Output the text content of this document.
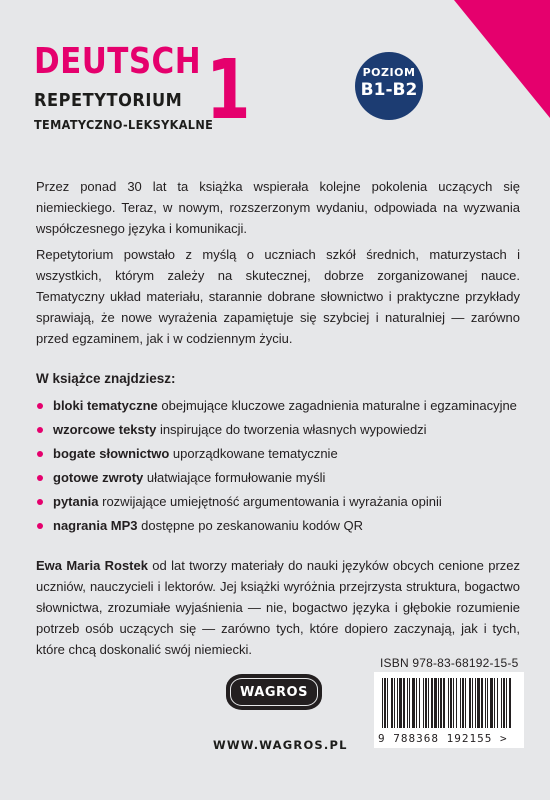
DEUTSCH 1
REPETYTORIUM
TEMATYCZNO-LEKSYKALNE
POZIOM
B1-B2

Przez ponad 30 lat ta książka wspierała kolejne pokolenia uczących się niemieckiego. Teraz, w nowym, rozszerzonym wydaniu, odpowiada na wyzwania współczesnego języka i komunikacji.

Repetytorium powstało z myślą o uczniach szkół średnich, maturzystach i wszystkich, którym zależy na skutecznej, dobrze zorganizowanej nauce. Tematyczny układ materiału, starannie dobrane słownictwo i praktyczne przykłady sprawiają, że nowe wyrażenia zapamiętuje się szybciej i naturalniej — zarówno przed egzaminem, jak i w codziennym życiu.

W książce znajdziesz:
bloki tematyczne obejmujące kluczowe zagadnienia maturalne i egzaminacyjne
wzorcowe teksty inspirujące do tworzenia własnych wypowiedzi
bogate słownictwo uporządkowane tematycznie
gotowe zwroty ułatwiające formułowanie myśli
pytania rozwijające umiejętność argumentowania i wyrażania opinii
nagrania MP3 dostępne po zeskanowaniu kodów QR

Ewa Maria Rostek od lat tworzy materiały do nauki języków obcych cenione przez uczniów, nauczycieli i lektorów. Jej książki wyróżnia przejrzysta struktura, bogactwo słownictwa, zrozumiałe wyjaśnienia — nie, bogactwo języka i głębokie rozumienie potrzeb osób uczących się — zarówno tych, które dopiero zaczynają, jak i tych, które chcą doskonalić swój niemiecki.

ISBN 978-83-68192-15-5
9 788368 192155 >
WAGROS
WWW.WAGROS.PL
